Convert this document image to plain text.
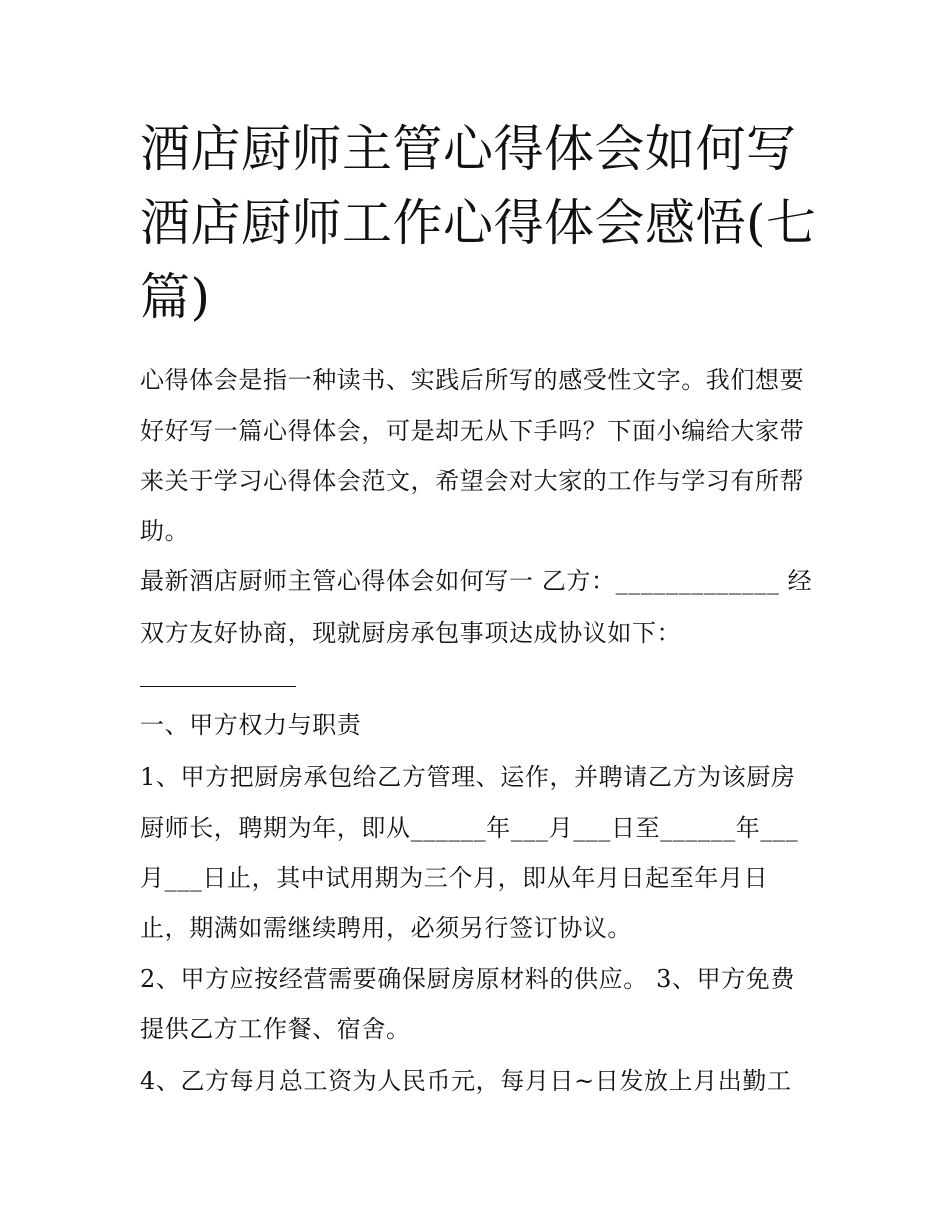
酒店厨师主管心得体会如何写
酒店厨师工作心得体会感悟(七
篇)
心得体会是指一种读书、实践后所写的感受性文字。我们想要
好好写一篇心得体会，可是却无从下手吗？下面小编给大家带
来关于学习心得体会范文，希望会对大家的工作与学习有所帮
助。
最新酒店厨师主管心得体会如何写一 乙方：_____________ 经
双方友好协商，现就厨房承包事项达成协议如下：
一、甲方权力与职责
1、甲方把厨房承包给乙方管理、运作，并聘请乙方为该厨房
厨师长，聘期为年，即从______年___月___日至______年___
月___日止，其中试用期为三个月，即从年月日起至年月日
止，期满如需继续聘用，必须另行签订协议。
2、甲方应按经营需要确保厨房原材料的供应。 3、甲方免费
提供乙方工作餐、宿舍。
4、乙方每月总工资为人民币元，每月日~日发放上月出勤工
